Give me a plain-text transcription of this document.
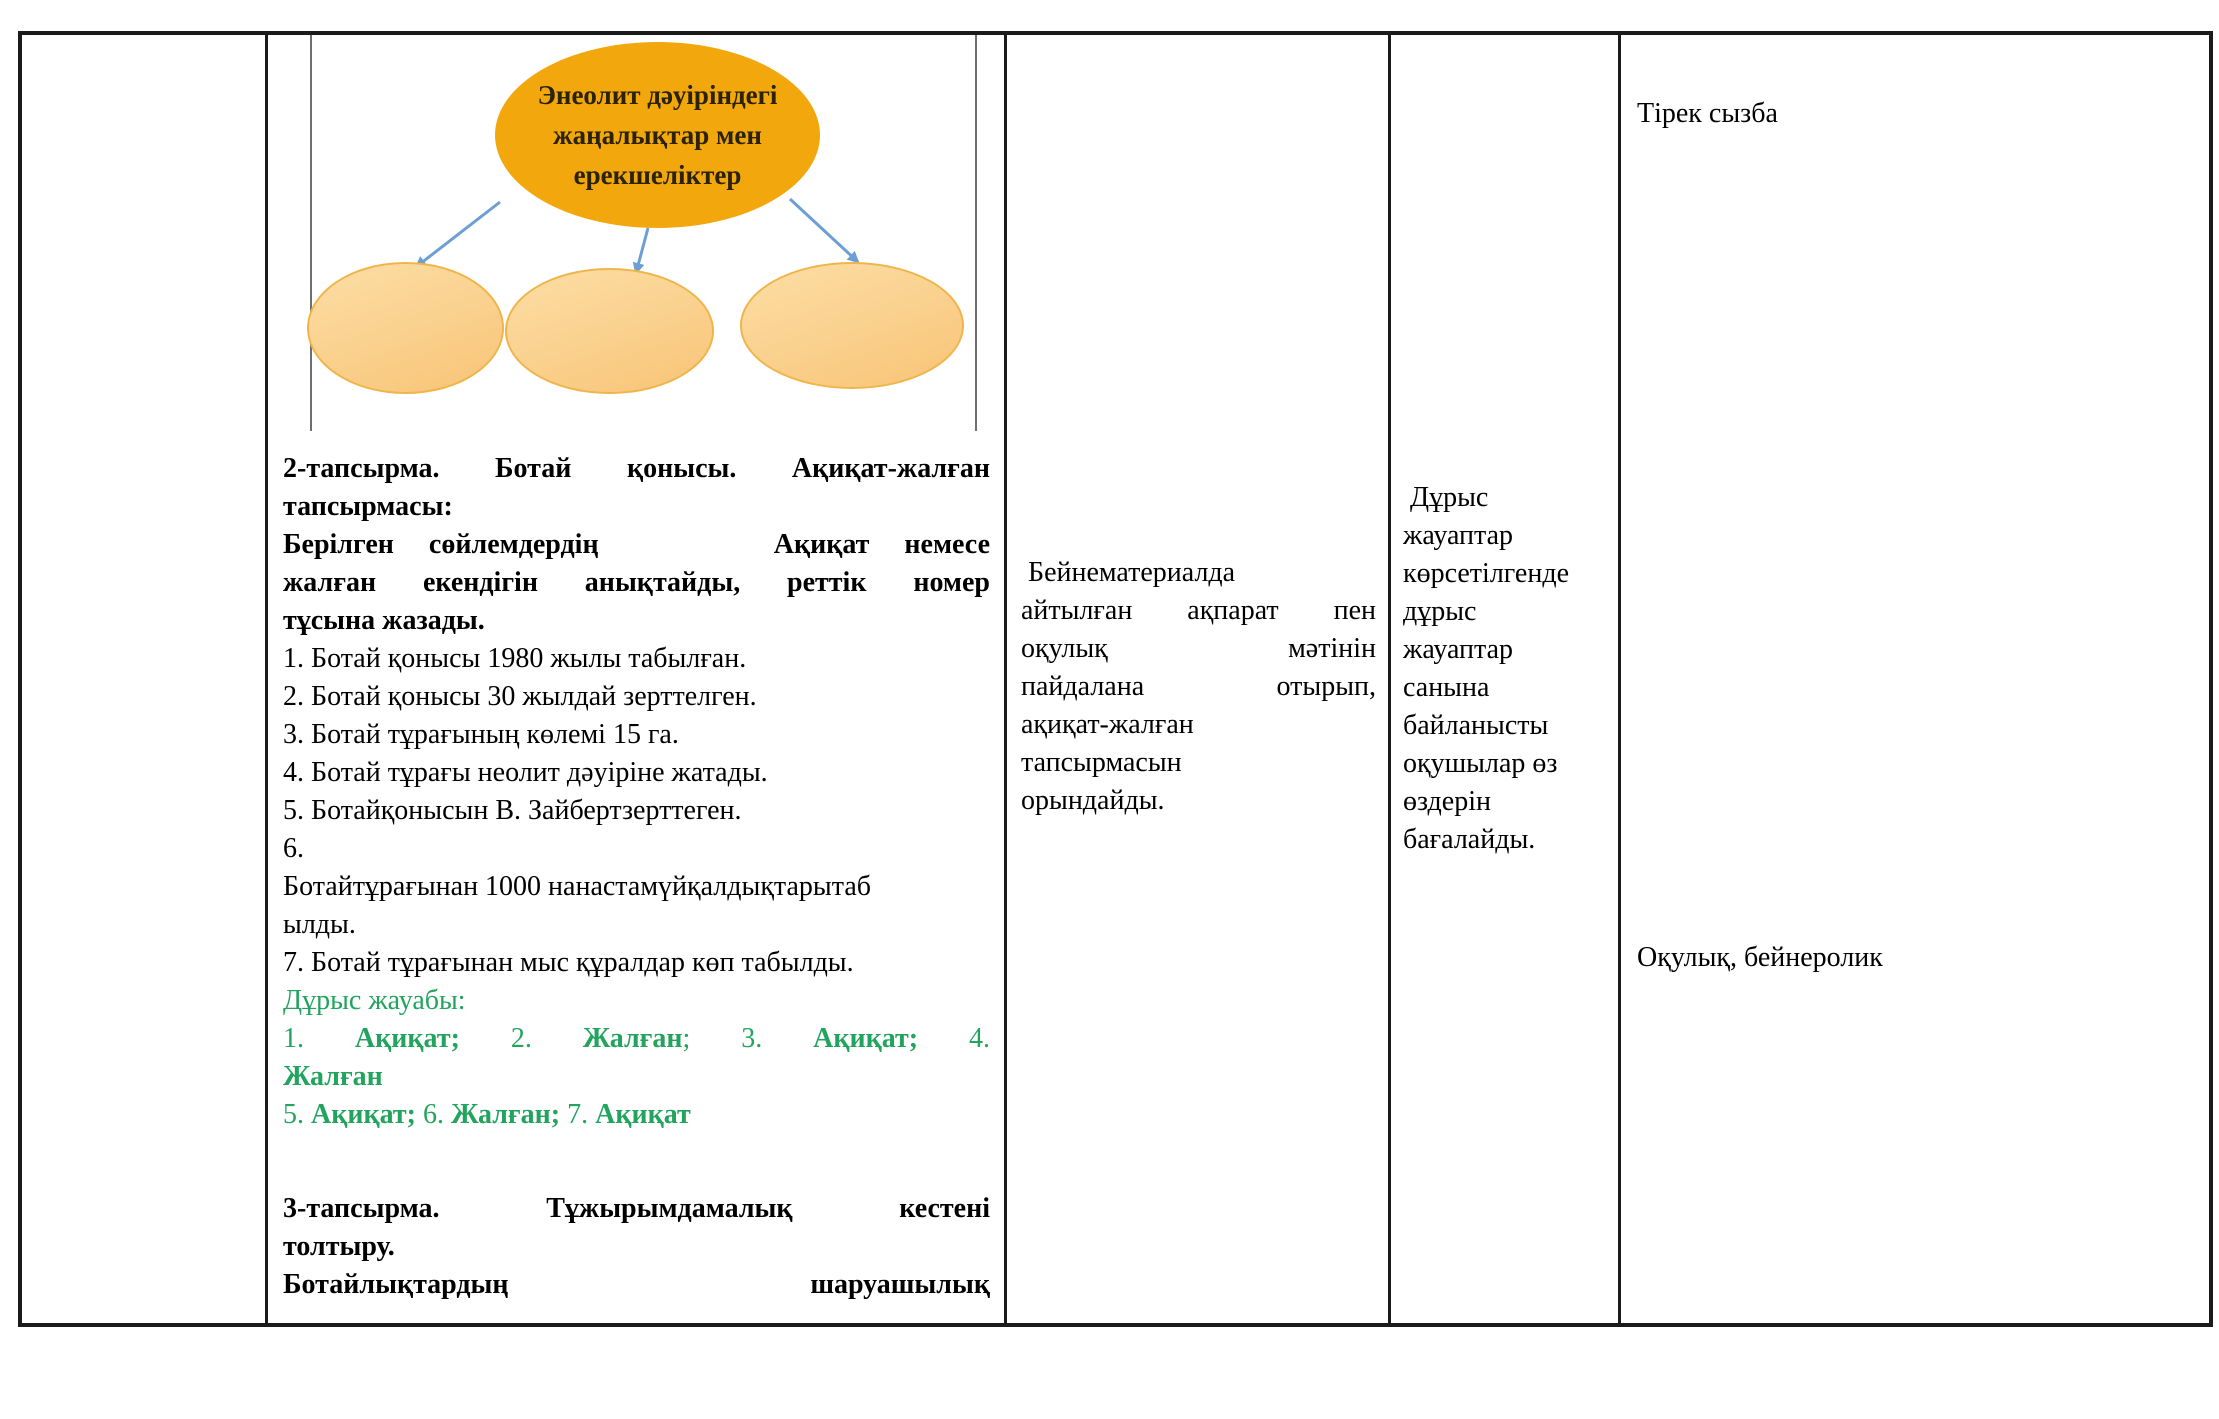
Энеолит дәуіріндегі
жаңалықтар мен
ерекшеліктер
2-тапсырма. Ботай қонысы. Ақиқат-жалған
тапсырмасы:
Берілген сөйлемдердің     Ақиқат немесе
жалған екендігін анықтайды, реттік номер
тұсына жазады.
1. Ботай қонысы 1980 жылы табылған.
2. Ботай қонысы 30 жылдай зерттелген.
3. Ботай тұрағының көлемі 15 га.
4. Ботай тұрағы неолит дәуіріне жатады.
5. Ботайқонысын В. Зайбертзерттеген.
6.
Ботайтұрағынан 1000 нанастамүйқалдықтарытаб
ылды.
7. Ботай тұрағынан мыс құралдар көп табылды.
Дұрыс жауабы:
1. Ақиқат; 2. Жалған; 3. Ақиқат; 4.
Жалған
5. Ақиқат; 6. Жалған; 7. Ақиқат
3-тапсырма.  Тұжырымдамалық  кестені
толтыру.
Ботайлықтардың шаруашылық
Бейнематериалда
айтылған ақпарат пен
оқулық мәтінін
пайдалана отырып,
ақиқат-жалған
тапсырмасын
орындайды.
Дұрыс
жауаптар
көрсетілгенде
дұрыс
жауаптар
санына
байланысты
оқушылар өз
өздерін
бағалайды.
Тірек сызба
Оқулық, бейнеролик
